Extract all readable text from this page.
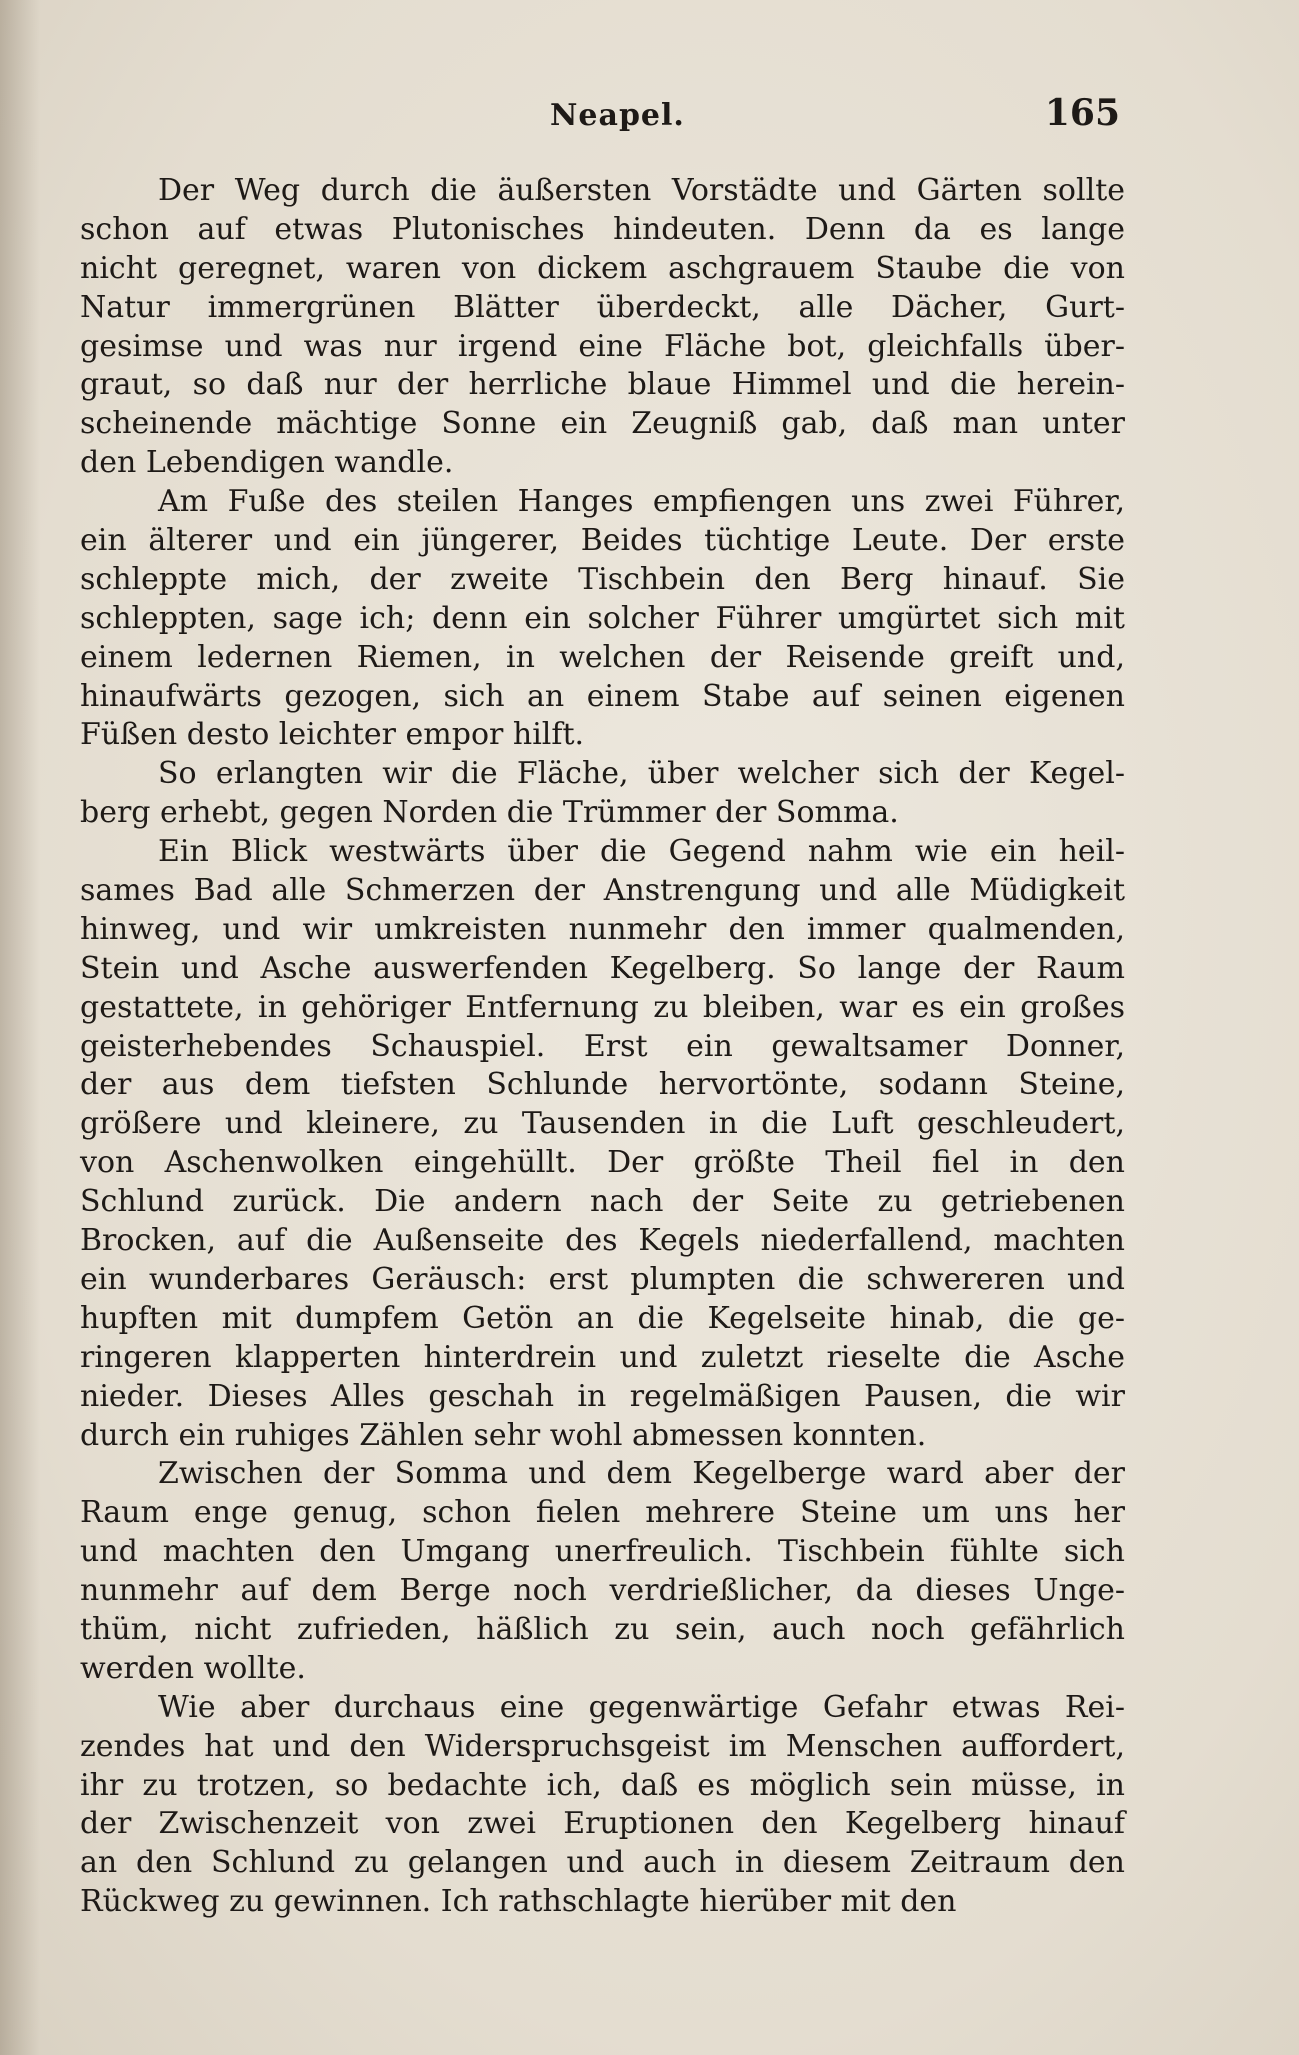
Neapel.	165
Der Weg durch die äußersten Vorstädte und Gärten sollte
schon auf etwas Plutonisches hindeuten. Denn da es lange
nicht geregnet, waren von dickem aschgrauem Staube die von
Natur immergrünen Blätter überdeckt, alle Dächer, Gurt-
gesimse und was nur irgend eine Fläche bot, gleichfalls über-
graut, so daß nur der herrliche blaue Himmel und die herein-
scheinende mächtige Sonne ein Zeugniß gab, daß man unter
den Lebendigen wandle.
Am Fuße des steilen Hanges empfiengen uns zwei Führer,
ein älterer und ein jüngerer, Beides tüchtige Leute. Der erste
schleppte mich, der zweite Tischbein den Berg hinauf. Sie
schleppten, sage ich; denn ein solcher Führer umgürtet sich mit
einem ledernen Riemen, in welchen der Reisende greift und,
hinaufwärts gezogen, sich an einem Stabe auf seinen eigenen
Füßen desto leichter empor hilft.
So erlangten wir die Fläche, über welcher sich der Kegel-
berg erhebt, gegen Norden die Trümmer der Somma.
Ein Blick westwärts über die Gegend nahm wie ein heil-
sames Bad alle Schmerzen der Anstrengung und alle Müdigkeit
hinweg, und wir umkreisten nunmehr den immer qualmenden,
Stein und Asche auswerfenden Kegelberg. So lange der Raum
gestattete, in gehöriger Entfernung zu bleiben, war es ein großes
geisterhebendes Schauspiel. Erst ein gewaltsamer Donner,
der aus dem tiefsten Schlunde hervortönte, sodann Steine,
größere und kleinere, zu Tausenden in die Luft geschleudert,
von Aschenwolken eingehüllt. Der größte Theil fiel in den
Schlund zurück. Die andern nach der Seite zu getriebenen
Brocken, auf die Außenseite des Kegels niederfallend, machten
ein wunderbares Geräusch: erst plumpten die schwereren und
hupften mit dumpfem Getön an die Kegelseite hinab, die ge-
ringeren klapperten hinterdrein und zuletzt rieselte die Asche
nieder. Dieses Alles geschah in regelmäßigen Pausen, die wir
durch ein ruhiges Zählen sehr wohl abmessen konnten.
Zwischen der Somma und dem Kegelberge ward aber der
Raum enge genug, schon fielen mehrere Steine um uns her
und machten den Umgang unerfreulich. Tischbein fühlte sich
nunmehr auf dem Berge noch verdrießlicher, da dieses Unge-
thüm, nicht zufrieden, häßlich zu sein, auch noch gefährlich
werden wollte.
Wie aber durchaus eine gegenwärtige Gefahr etwas Rei-
zendes hat und den Widerspruchsgeist im Menschen auffordert,
ihr zu trotzen, so bedachte ich, daß es möglich sein müsse, in
der Zwischenzeit von zwei Eruptionen den Kegelberg hinauf
an den Schlund zu gelangen und auch in diesem Zeitraum den
Rückweg zu gewinnen. Ich rathschlagte hierüber mit den
